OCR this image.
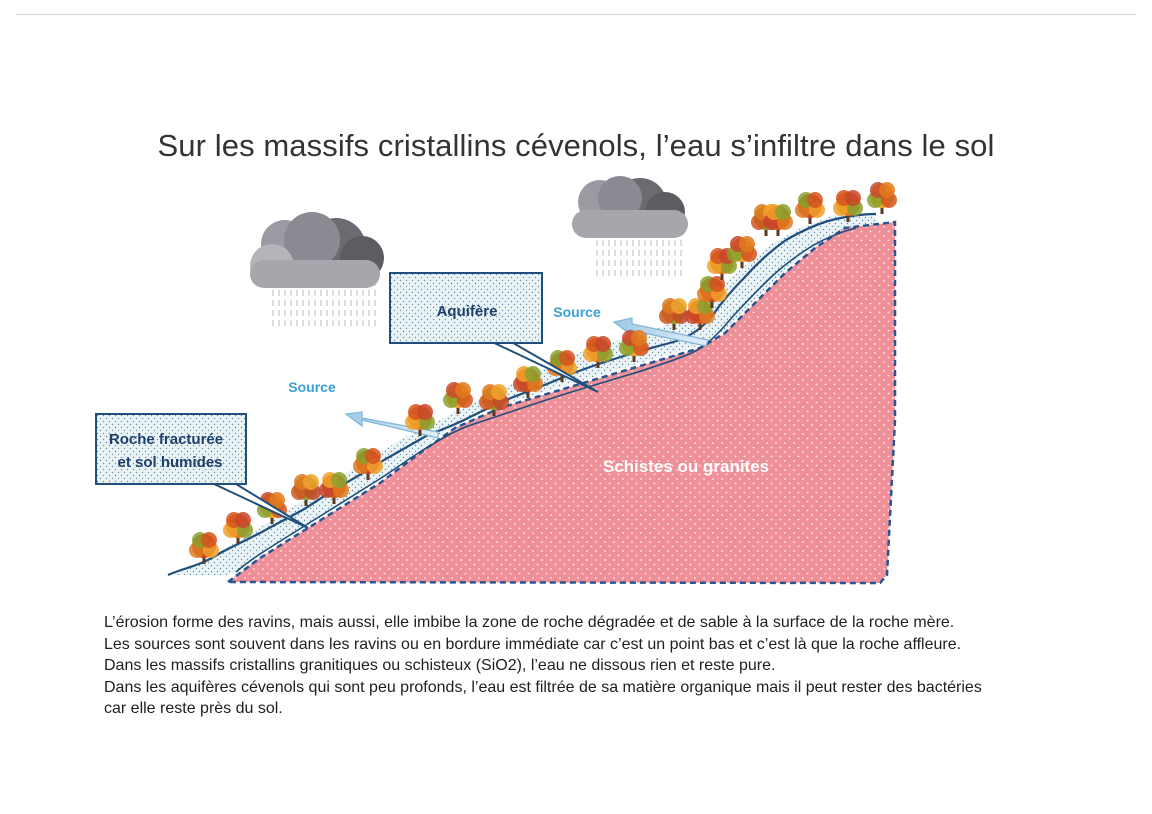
Sur les massifs cristallins cévenols, l’eau s’infiltre dans le sol
Aquifère
Roche fracturée
et sol humides
Source
Source
Schistes ou granites

L’érosion forme des ravins, mais aussi, elle imbibe la zone de roche dégradée et de sable à la surface de la roche mère.

Les sources sont souvent dans les ravins ou en bordure immédiate car c’est un point bas et c’est là que la roche affleure.

Dans les massifs cristallins granitiques ou schisteux (SiO2), l’eau ne dissous rien et reste pure.

Dans les aquifères cévenols qui sont peu profonds, l’eau est filtrée de sa matière organique mais il peut rester des bactéries car elle reste près du sol.
